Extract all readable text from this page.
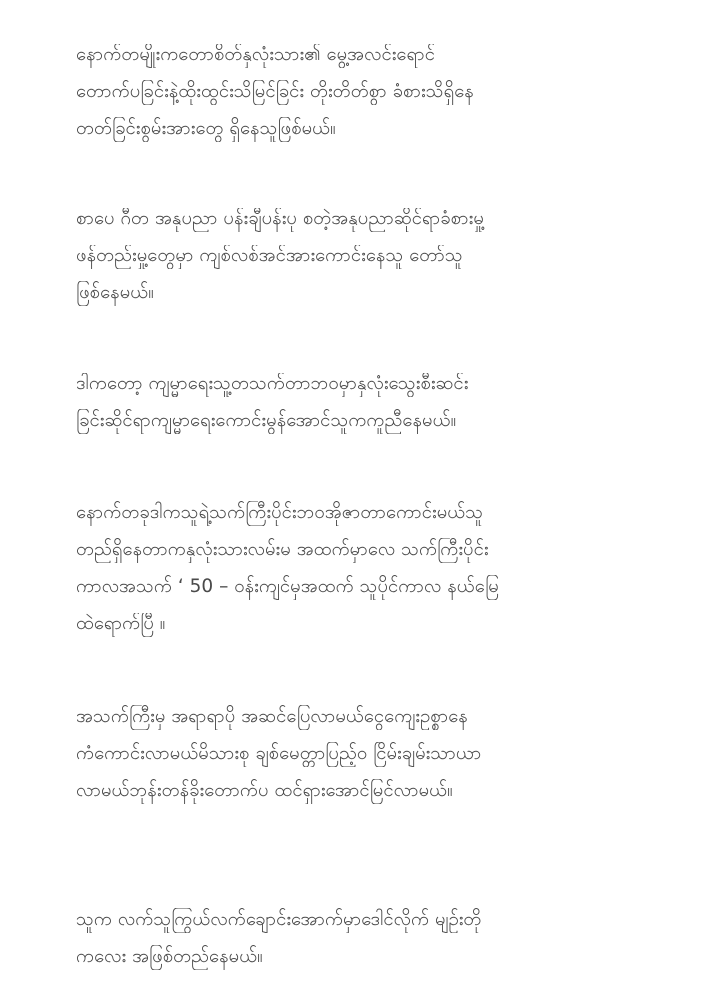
နောက်တမျိုးကတောစိတ်နှလုံးသား၏ မွေ့အလင်းရောင်
တောက်ပခြင်းနဲ့ထိုးထွင်းသိမြင်ခြင်း တိုးတိတ်စွာ ခံစားသိရှိနေ
တတ်ခြင်းစွမ်းအားတွေ ရှိနေသူဖြစ်မယ်။
စာပေ ဂီတ အနုပညာ ပန်းချီပန်းပု စတဲ့အနုပညာဆိုင်ရာခံစားမှု့
ဖန်တည်းမှု့တွေမှာ ကျစ်လစ်အင်အားကောင်းနေသူ တော်သူ
ဖြစ်နေမယ်။
ဒါကတော့ ကျမ္မာရေးသူ့တသက်တာဘဝမှာနှလုံးသွေးစီးဆင်း
ခြင်းဆိုင်ရာကျမ္မာရေးကောင်းမွန်အောင်သူကကူညီနေမယ်။
နောက်တခုဒါကသူရဲ့သက်ကြီးပိုင်းဘဝအိုဇာတာကောင်းမယ်သူ
တည်ရှိနေတာကနှလုံးသားလမ်းမ အထက်မှာလေ သက်ကြီးပိုင်း
ကာလအသက် ‘ 50 – ဝန်းကျင်မှအထက် သူပိုင်ကာလ နယ်မြေ
ထဲရောက်ပြီ ။
အသက်ကြီးမှ အရာရာပို အဆင်ပြေလာမယ်ငွေကျေးဥစ္စာနေ
ကံကောင်းလာမယ်မိသားစု ချစ်မေတ္တာပြည့်ဝ ငြိမ်းချမ်းသာယာ
လာမယ်ဘုန်းတန်ခိုးတောက်ပ ထင်ရှားအောင်မြင်လာမယ်။
သူက လက်သူကြွယ်လက်ချောင်းအောက်မှာဒေါင်လိုက် မျဉ်းတို
ကလေး အဖြစ်တည်နေမယ်။
